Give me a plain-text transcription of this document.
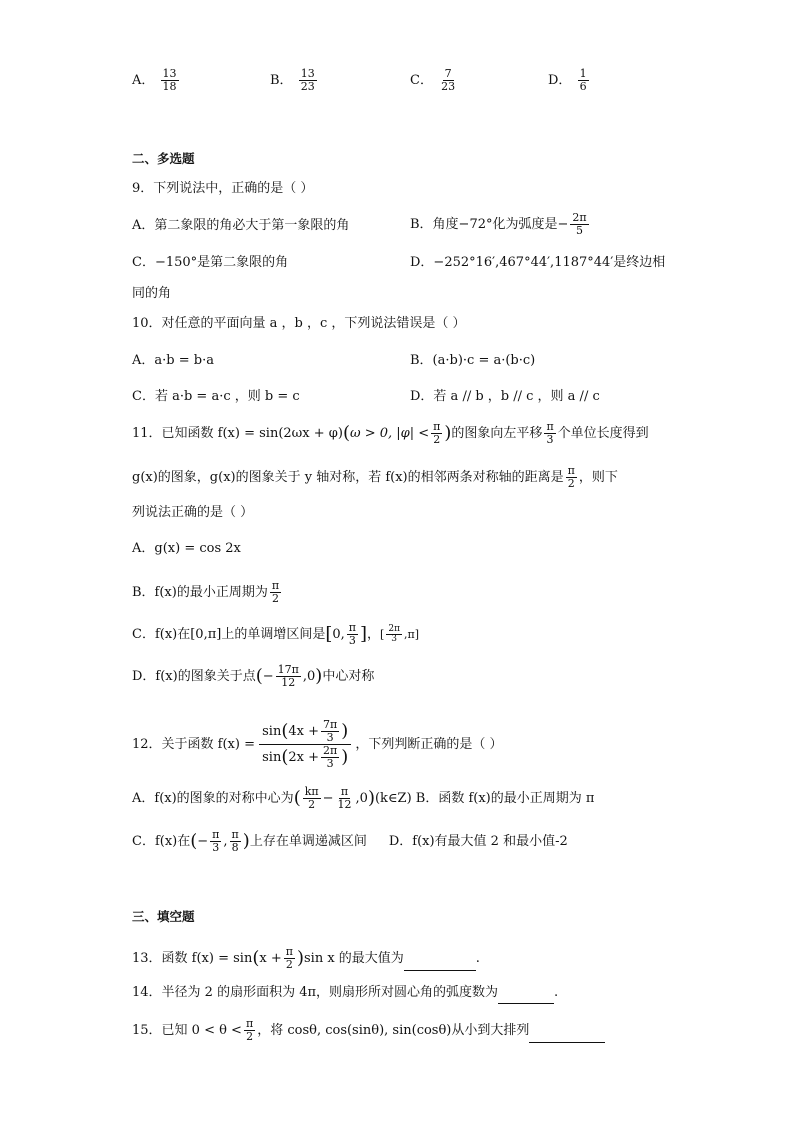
A． $\frac{13}{18}$	B． $\frac{13}{23}$	C． $\frac{7}{23}$	D． $\frac{1}{6}$
二、多选题
9．下列说法中，正确的是（ ）
A．第二象限的角必大于第一象限的角	B．角度−72°化为弧度是− $\frac{2\pi}{5}$
C．−150°是第二象限的角	D．−252°16′,467°44′,1187°44′是终边相
同的角
10．对任意的平面向量 a ，b ，c ，下列说法错误是（ ）
A．a·b = b·a	B．(a·b)·c = a·(b·c)
C．若 a·b = a·c ，则 b = c	D．若 a // b ，b // c ，则 a // c
11．已知函数 f(x) = sin(2ωx + φ)(ω > 0, $|\varphi| < \frac{\pi}{2}$ )的图象向左平移 $\frac{\pi}{3}$ 个单位长度得到
g(x)的图象，g(x)的图象关于 y 轴对称，若 f(x)的相邻两条对称轴的距离是 $\frac{\pi}{2}$ ，则下
列说法正确的是（ ）
A．g(x) = cos 2x
B．f(x)的最小正周期为 $\frac{\pi}{2}$
C．f(x)在[0,π]上的单调增区间是[0, $\frac{\pi}{3}$ ]，[ $\frac{2\pi}{3} ,\pi$]
D．f(x)的图象关于点(− $\frac{17\pi}{12} ,0$)中心对称
12．关于函数 $f(x) = \frac{\sin(4x + \frac{7\pi}{3} )}{\sin(2x + \frac{2\pi}{3} )}$ ，下列判断正确的是（ ）
A．f(x)的图象的对称中心为( $\frac{k\pi}{2} - \frac{\pi}{12}$ ,0)(k∈Z) B．函数 f(x)的最小正周期为 π
C．f(x)在(− $\frac{\pi}{3}$ , $\frac{\pi}{8}$ )上存在单调递减区间 D．f(x)有最大值 2 和最小值-2
三、填空题
13．函数 $f(x) = \sin(x + \frac{\pi}{2} )\sin$ x 的最大值为	.
14．半径为 2 的扇形面积为 4π，则扇形所对圆心角的弧度数为	.
15．已知 $0 < \theta < \frac{\pi}{2}$ ，将 cosθ, cos(sinθ), sin(cosθ)从小到大排列
